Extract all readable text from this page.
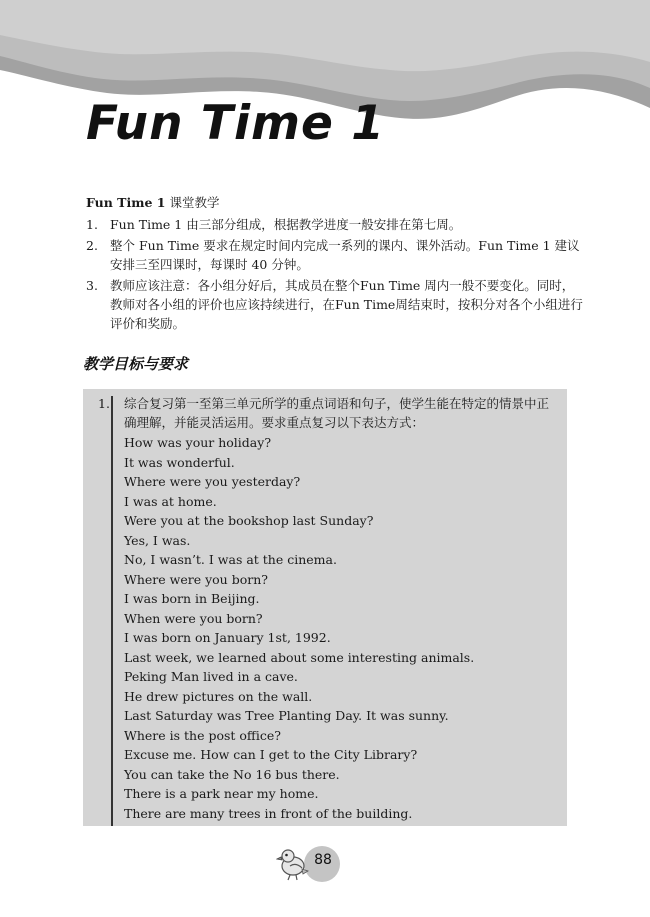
Fun Time 1
Fun Time 1 课堂教学
1. Fun Time 1 由三部分组成，根据教学进度一般安排在第七周。
2. 整个 Fun Time 要求在规定时间内完成一系列的课内、课外活动。Fun Time 1 建议安排三至四课时，每课时 40 分钟。
3. 教师应该注意：各小组分好后，其成员在整个Fun Time 周内一般不要变化。同时，教师对各小组的评价也应该持续进行，在Fun Time周结束时，按积分对各个小组进行评价和奖励。
教学目标与要求
1. 综合复习第一至第三单元所学的重点词语和句子，使学生能在特定的情景中正确理解，并能灵活运用。要求重点复习以下表达方式：
How was your holiday?
It was wonderful.
Where were you yesterday?
I was at home.
Were you at the bookshop last Sunday?
Yes, I was.
No, I wasn’t. I was at the cinema.
Where were you born?
I was born in Beijing.
When were you born?
I was born on January 1st, 1992.
Last week, we learned about some interesting animals.
Peking Man lived in a cave.
He drew pictures on the wall.
Last Saturday was Tree Planting Day. It was sunny.
Where is the post office?
Excuse me. How can I get to the City Library?
You can take the No 16 bus there.
There is a park near my home.
There are many trees in front of the building.
88
